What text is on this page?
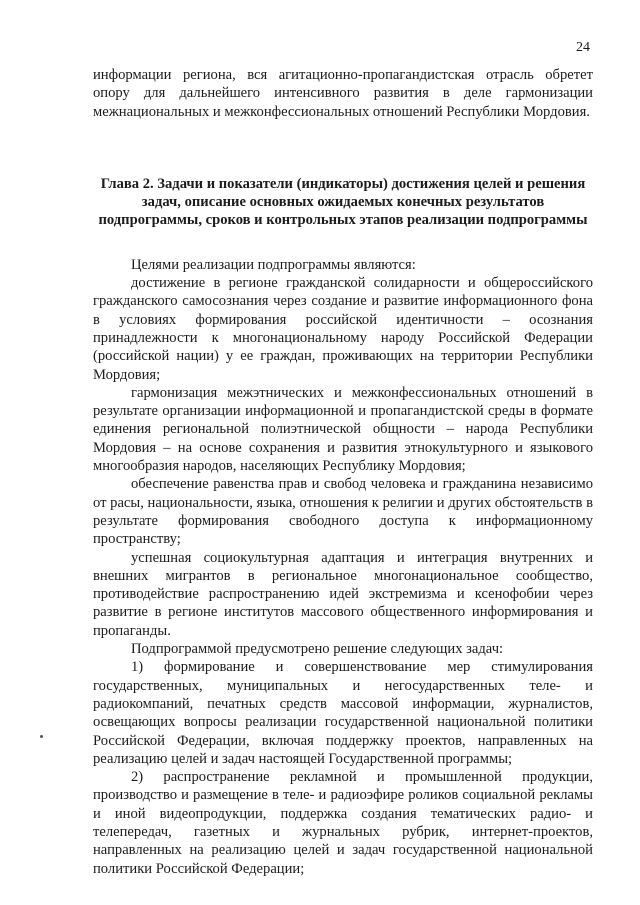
24

информации региона, вся агитационно-пропагандистская отрасль обретет опору для дальнейшего интенсивного развития в деле гармонизации межнациональных и межконфессиональных отношений Республики Мордовия.

Глава 2. Задачи и показатели (индикаторы) достижения целей и решения задач, описание основных ожидаемых конечных результатов подпрограммы, сроков и контрольных этапов реализации подпрограммы

Целями реализации подпрограммы являются:

достижение в регионе гражданской солидарности и общероссийского гражданского самосознания через создание и развитие информационного фона в условиях формирования российской идентичности – осознания принадлежности к многонациональному народу Российской Федерации (российской нации) у ее граждан, проживающих на территории Республики Мордовия;

гармонизация межэтнических и межконфессиональных отношений в результате организации информационной и пропагандистской среды в формате единения региональной полиэтнической общности – народа Республики Мордовия – на основе сохранения и развития этнокультурного и языкового многообразия народов, населяющих Республику Мордовия;

обеспечение равенства прав и свобод человека и гражданина независимо от расы, национальности, языка, отношения к религии и других обстоятельств в результате формирования свободного доступа к информационному пространству;

успешная социокультурная адаптация и интеграция внутренних и внешних мигрантов в региональное многонациональное сообщество, противодействие распространению идей экстремизма и ксенофобии через развитие в регионе институтов массового общественного информирования и пропаганды.

Подпрограммой предусмотрено решение следующих задач:

1) формирование и совершенствование мер стимулирования государственных, муниципальных и негосударственных теле- и радиокомпаний, печатных средств массовой информации, журналистов, освещающих вопросы реализации государственной национальной политики Российской Федерации, включая поддержку проектов, направленных на реализацию целей и задач настоящей Государственной программы;

2) распространение рекламной и промышленной продукции, производство и размещение в теле- и радиоэфире роликов социальной рекламы и иной видеопродукции, поддержка создания тематических радио- и телепередач, газетных и журнальных рубрик, интернет-проектов, направленных на реализацию целей и задач государственной национальной политики Российской Федерации;
